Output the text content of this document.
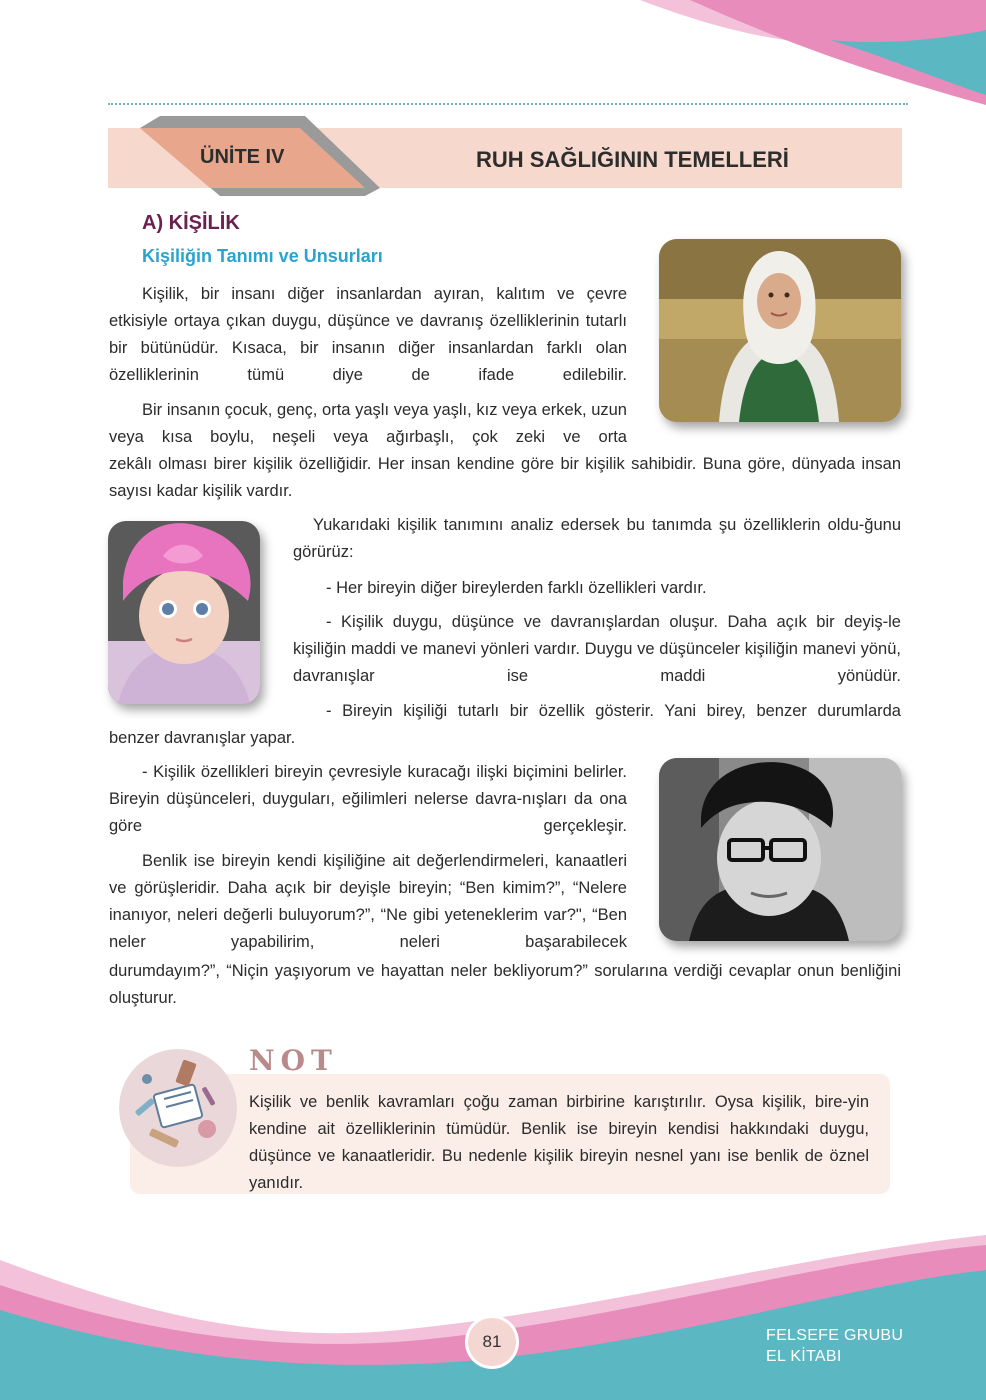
ÜNİTE IV	RUH SAĞLIĞININ TEMELLERİ
A) KİŞİLİK
Kişiliğin Tanımı ve Unsurları

Kişilik, bir insanı diğer insanlardan ayıran, kalıtım ve çevre etkisiyle ortaya çıkan duygu, düşünce ve davranış özelliklerinin tutarlı bir bütünüdür. Kısaca, bir insanın diğer insanlardan farklı olan özelliklerinin tümü diye de ifade edilebilir.

Bir insanın çocuk, genç, orta yaşlı veya yaşlı, kız veya erkek, uzun veya kısa boylu, neşeli veya ağırbaşlı, çok zeki ve orta

zekâlı olması birer kişilik özelliğidir. Her insan kendine göre bir kişilik sahibidir. Buna göre, dünyada insan sayısı kadar kişilik vardır.

Yukarıdaki kişilik tanımını analiz edersek bu tanımda şu özelliklerin oldu-ğunu görürüz:

- Her bireyin diğer bireylerden farklı özellikleri vardır.

- Kişilik duygu, düşünce ve davranışlardan oluşur. Daha açık bir deyiş-le kişiliğin maddi ve manevi yönleri vardır. Duygu ve düşünceler kişiliğin manevi yönü, davranışlar ise maddi yönüdür.

- Bireyin kişiliği tutarlı bir özellik gösterir. Yani birey, benzer durumlarda

benzer davranışlar yapar.

- Kişilik özellikleri bireyin çevresiyle kuracağı ilişki biçimini belirler. Bireyin düşünceleri, duyguları, eğilimleri nelerse davra-nışları da ona göre gerçekleşir.

Benlik ise bireyin kendi kişiliğine ait değerlendirmeleri, kanaatleri ve görüşleridir. Daha açık bir deyişle bireyin; “Ben kimim?”, “Nelere inanıyor, neleri değerli buluyorum?”, “Ne gibi yeteneklerim var?", “Ben neler yapabilirim, neleri başarabilecek

durumdayım?”, “Niçin yaşıyorum ve hayattan neler bekliyorum?” sorularına verdiği cevaplar onun benliğini oluşturur.

NOT

Kişilik ve benlik kavramları çoğu zaman birbirine karıştırılır. Oysa kişilik, bire-yin kendine ait özelliklerinin tümüdür. Benlik ise bireyin kendisi hakkındaki duygu, düşünce ve kanaatleridir. Bu nedenle kişilik bireyin nesnel yanı ise benlik de öznel yanıdır.

81	FELSEFE GRUBU
EL KİTABI
